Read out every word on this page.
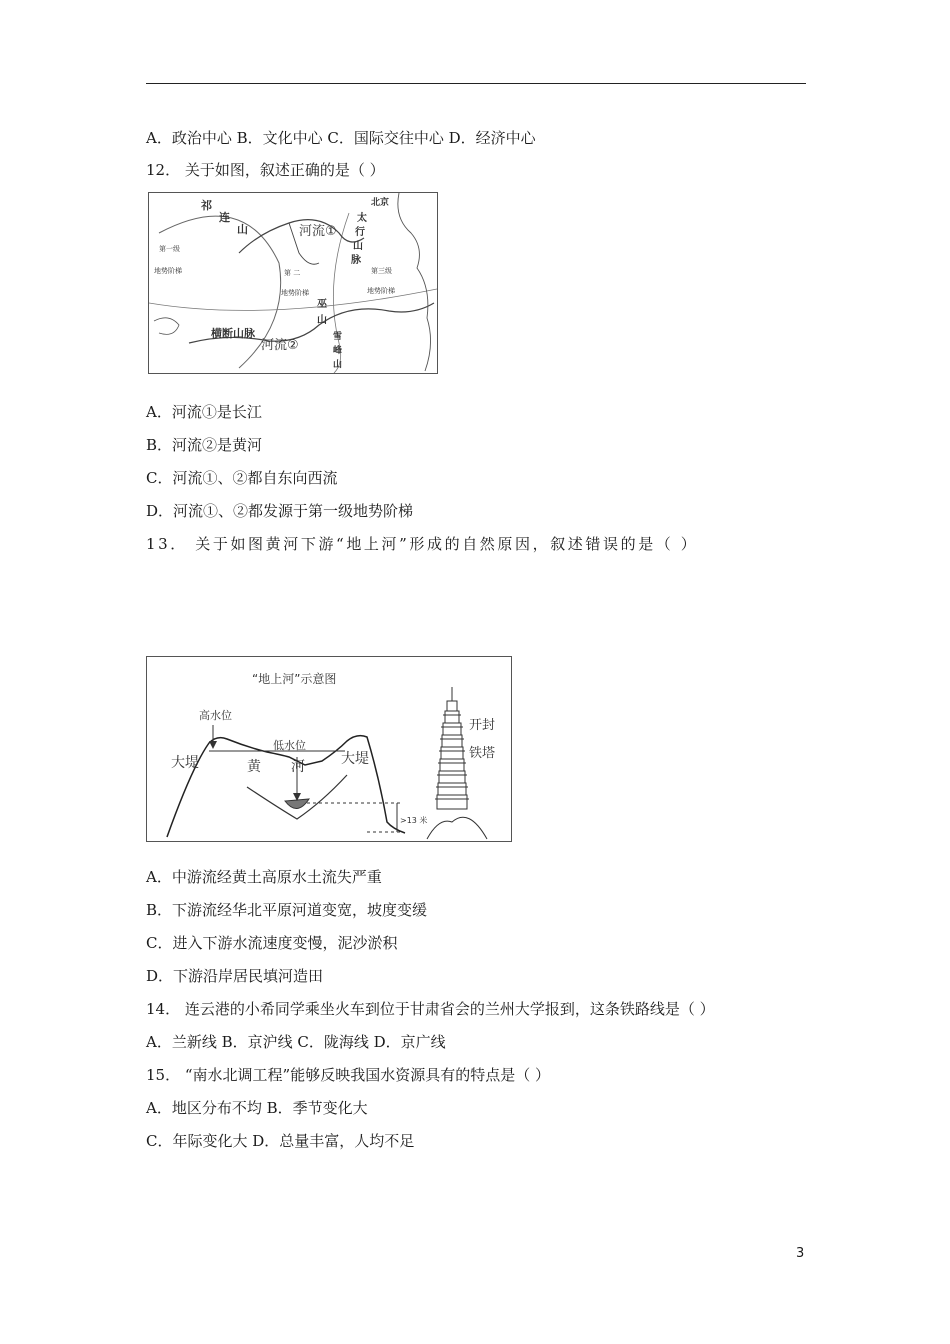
A．政治中心 B．文化中心 C．国际交往中心 D．经济中心
12． 关于如图，叙述正确的是（ ）
祁
连
山
北京
太
行
山
脉
河流①
河流②
第一级
地势阶梯	第 二
地势阶梯
第三级
地势阶梯
巫
山
雪
峰
山
横断山脉
A．河流①是长江
B．河流②是黄河
C．河流①、②都自东向西流
D．河流①、②都发源于第一级地势阶梯
13． 关于如图黄河下游“地上河”形成的自然原因，叙述错误的是（ ）
“地上河”示意图
高水位
低水位
黄 河
大堤	大堤
>13 米
开封
铁塔
A．中游流经黄土高原水土流失严重
B．下游流经华北平原河道变宽，坡度变缓
C．进入下游水流速度变慢，泥沙淤积
D．下游沿岸居民填河造田
14． 连云港的小希同学乘坐火车到位于甘肃省会的兰州大学报到，这条铁路线是（ ）
A．兰新线 B．京沪线 C．陇海线 D．京广线
15． “南水北调工程”能够反映我国水资源具有的特点是（ ）
A．地区分布不均 B．季节变化大
C．年际变化大 D．总量丰富，人均不足
3
